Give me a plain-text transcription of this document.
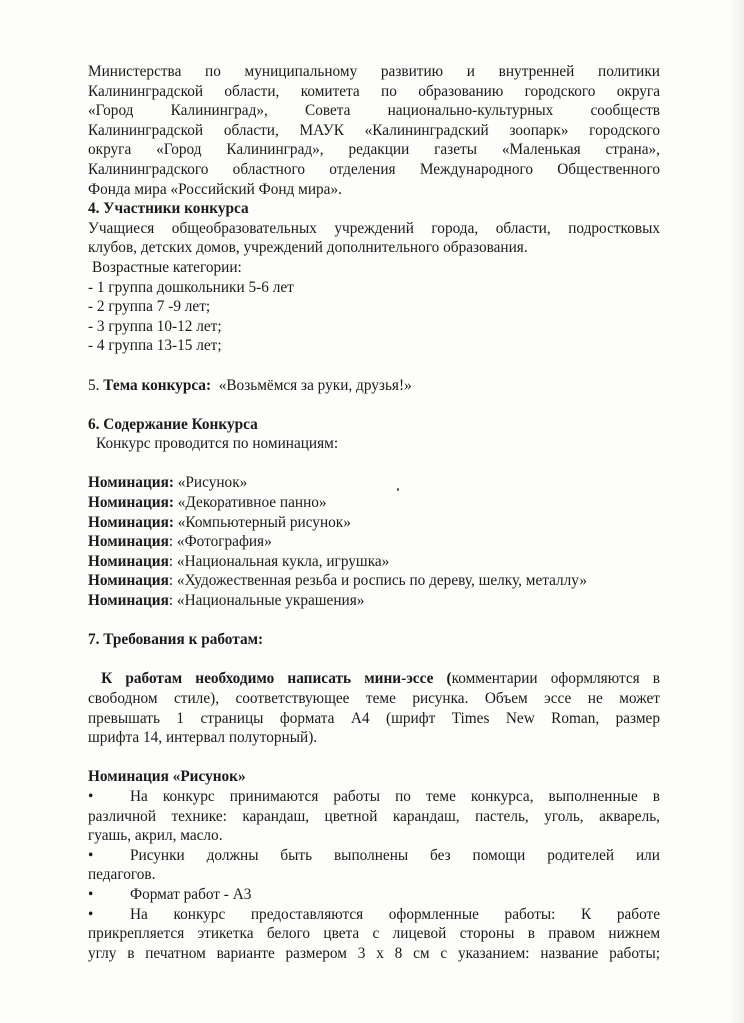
Министерства по муниципальному развитию и внутренней политики

Калининградской области, комитета по образованию городского округа

«Город Калининград», Совета национально-культурных сообществ

Калининградской области, МАУК «Калининградский зоопарк» городского

округа «Город Калининград», редакции газеты «Маленькая страна»,

Калининградского областного отделения Международного Общественного

Фонда мира «Российский Фонд мира».

4. Участники конкурса

Учащиеся общеобразовательных учреждений города, области, подростковых

клубов, детских домов, учреждений дополнительного образования.

Возрастные категории:

- 1 группа дошкольники 5-6 лет

- 2 группа 7 -9 лет;

- 3 группа 10-12 лет;

- 4 группа 13-15 лет;

5. Тема конкурса: «Возьмёмся за руки, друзья!»

6. Содержание Конкурса

Конкурс проводится по номинациям:

Номинация: «Рисунок»

Номинация: «Декоративное панно»

Номинация: «Компьютерный рисунок»

Номинация: «Фотография»

Номинация: «Национальная кукла, игрушка»

Номинация: «Художественная резьба и роспись по дереву, шелку, металлу»

Номинация: «Национальные украшения»

7. Требования к работам:

К работам необходимо написать мини-эссе (комментарии оформляются в

свободном стиле), соответствующее теме рисунка. Объем эссе не может

превышать 1 страницы формата А4 (шрифт Times New Roman, размер

шрифта 14, интервал полуторный).

Номинация «Рисунок»

•	На конкурс принимаются работы по теме конкурса, выполненные в

различной технике: карандаш, цветной карандаш, пастель, уголь, акварель,

гуашь, акрил, масло.

•	Рисунки должны быть выполнены без помощи родителей или

педагогов.

•	Формат работ - А3
•	На конкурс предоставляются оформленные работы: К работе

прикрепляется этикетка белого цвета с лицевой стороны в правом нижнем

углу в печатном варианте размером 3 х 8 см с указанием: название работы;
